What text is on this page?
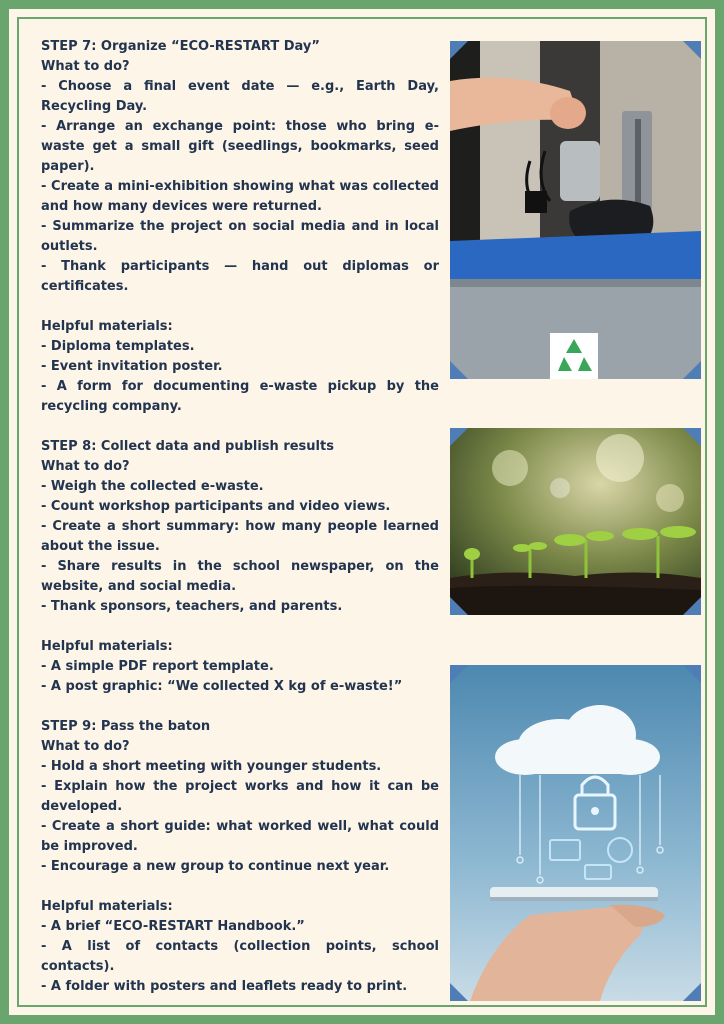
STEP 7: Organize “ECO-RESTART Day”

What to do?

- Choose a final event date — e.g., Earth Day, Recycling Day.

- Arrange an exchange point: those who bring e-waste get a small gift (seedlings, bookmarks, seed paper).

- Create a mini-exhibition showing what was collected and how many devices were returned.

- Summarize the project on social media and in local outlets.

- Thank participants — hand out diplomas or certificates.

Helpful materials:

- Diploma templates.

- Event invitation poster.

- A form for documenting e-waste pickup by the recycling company.

STEP 8: Collect data and publish results

What to do?

- Weigh the collected e-waste.

- Count workshop participants and video views.

- Create a short summary: how many people learned about the issue.

- Share results in the school newspaper, on the website, and social media.

- Thank sponsors, teachers, and parents.

Helpful materials:

- A simple PDF report template.

- A post graphic: “We collected X kg of e-waste!”

STEP 9: Pass the baton

What to do?

- Hold a short meeting with younger students.

- Explain how the project works and how it can be developed.

- Create a short guide: what worked well, what could be improved.

- Encourage a new group to continue next year.

Helpful materials:

- A brief “ECO-RESTART Handbook.”

- A list of contacts (collection points, school contacts).

- A folder with posters and leaflets ready to print.
